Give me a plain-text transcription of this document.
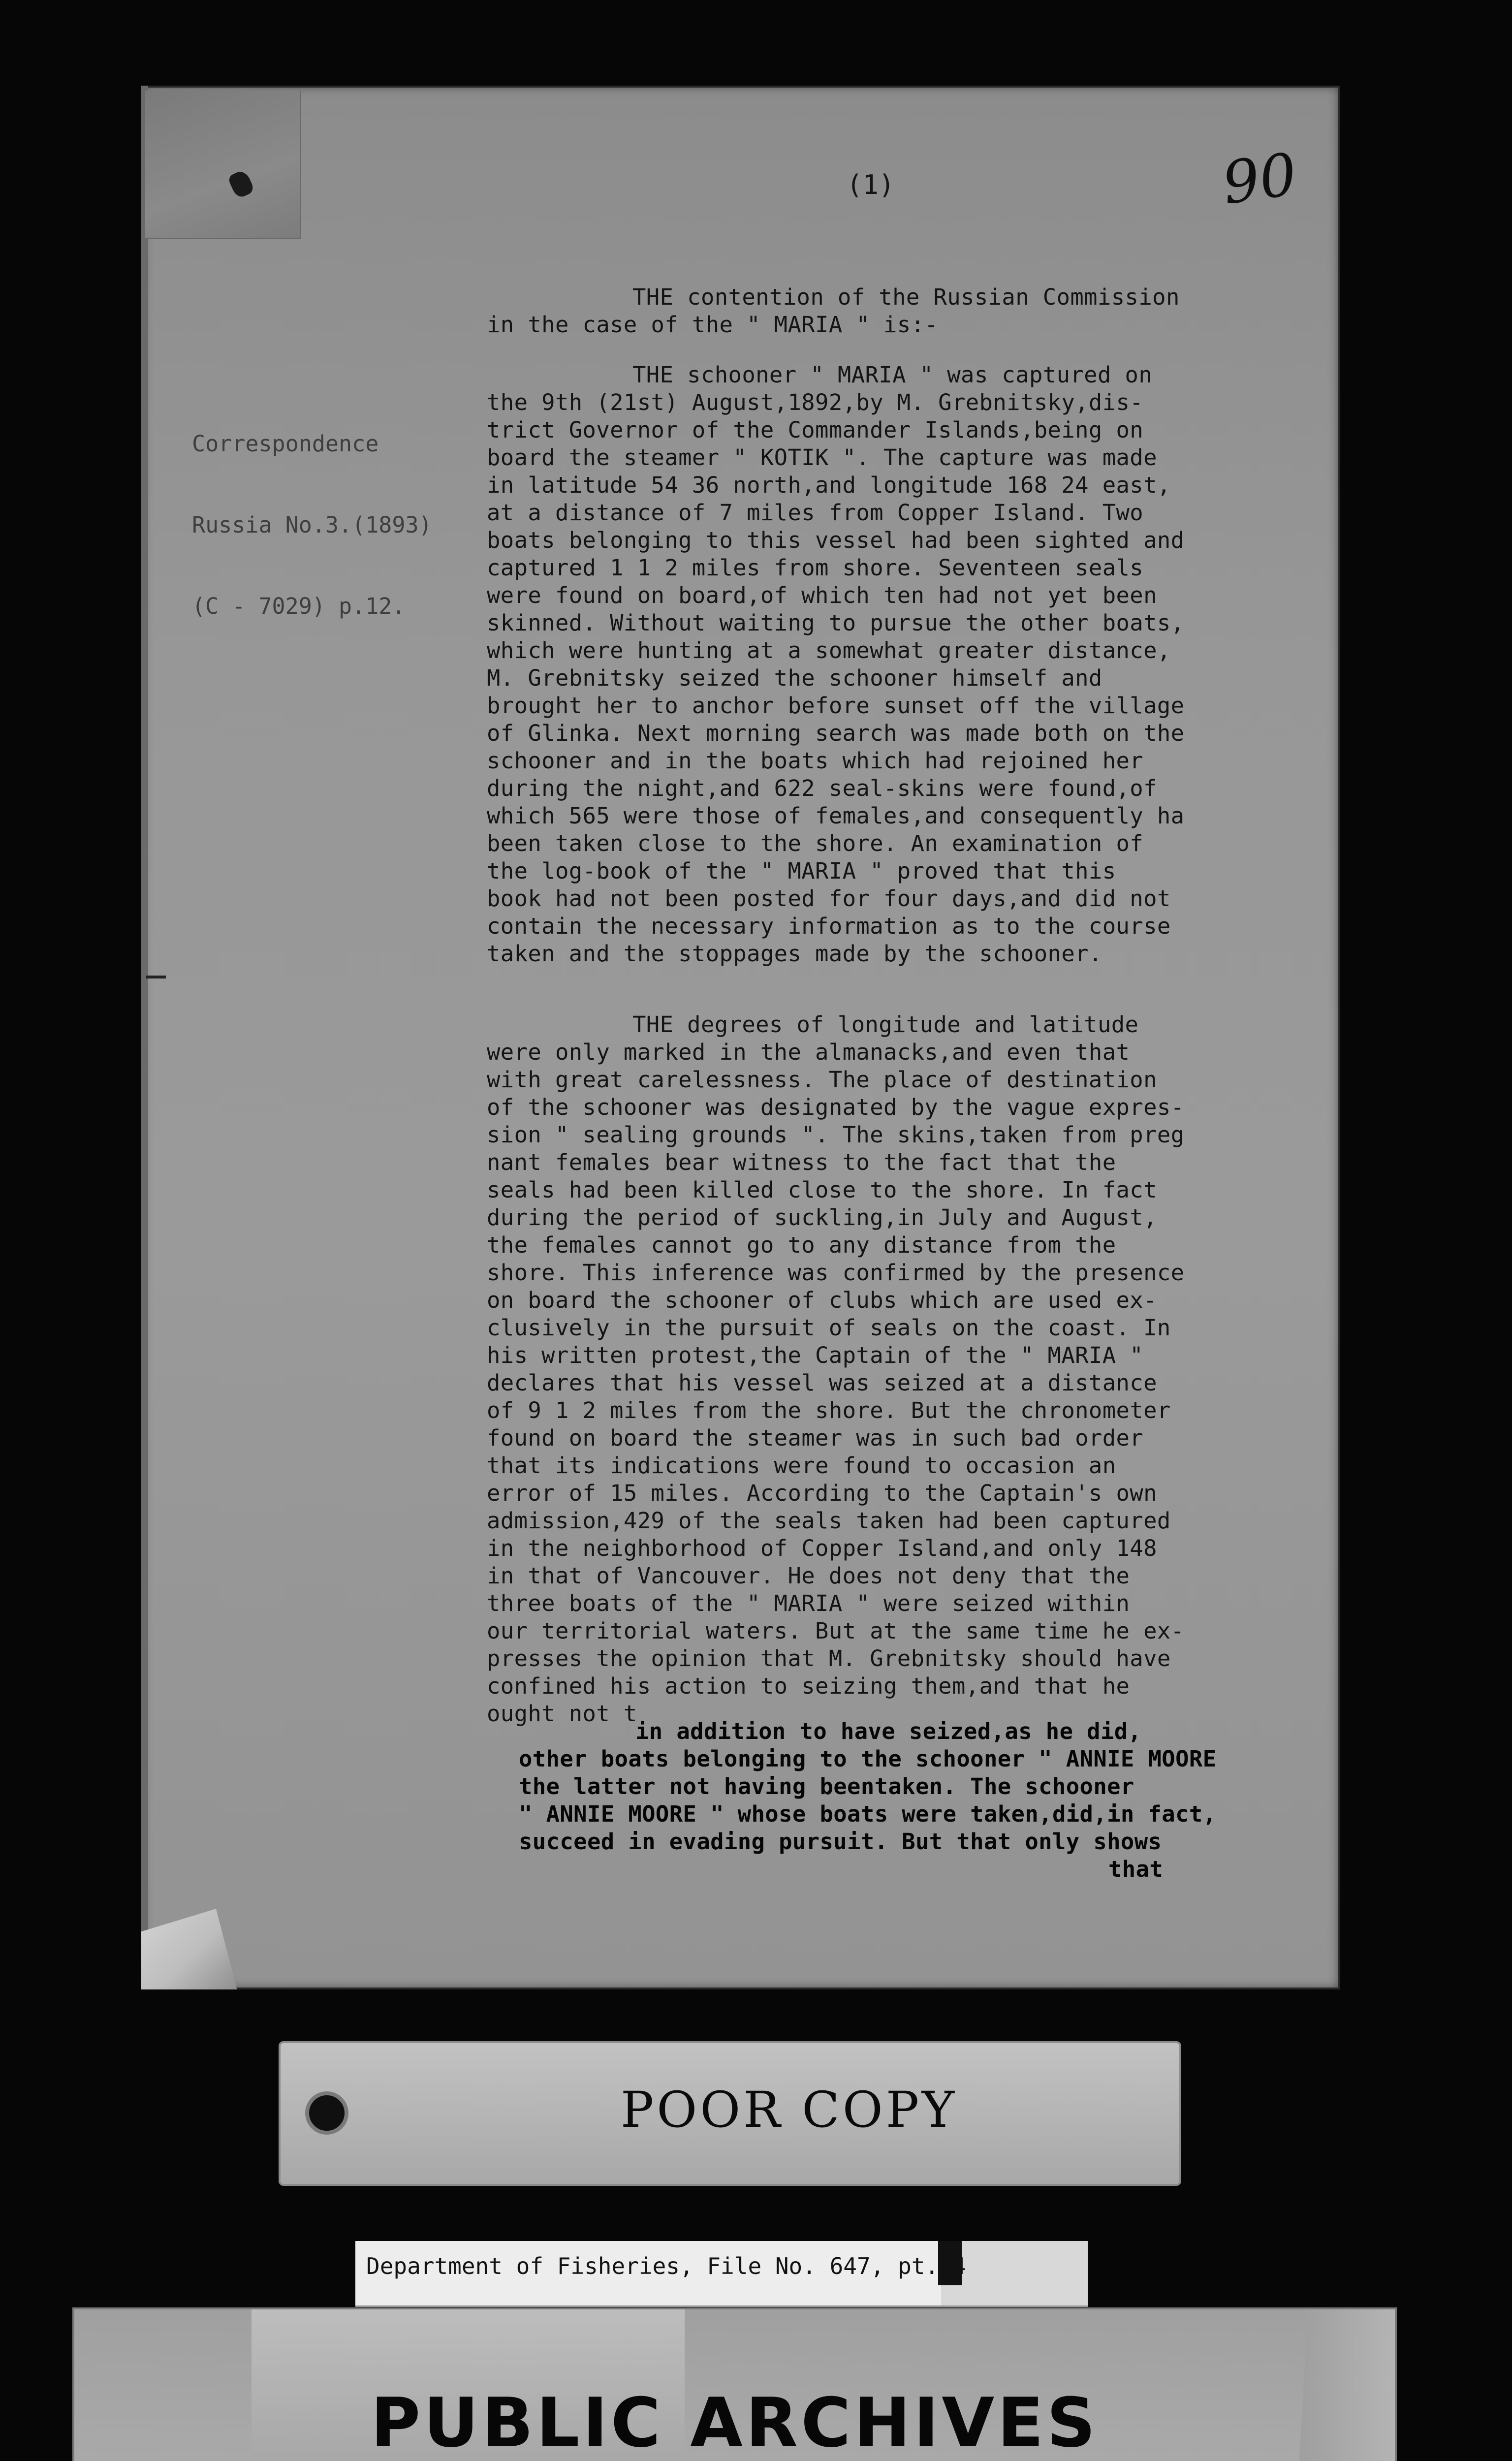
(1)	90

Correspondence

Russia No.3.(1893)

(C - 7029) p.12.

THE contention of the Russian Commission
in the case of the " MARIA " is:-
THE schooner " MARIA " was captured on
the 9th (21st) August,1892,by M. Grebnitsky,dis-
trict Governor of the Commander Islands,being on
board the steamer " KOTIK ". The capture was made
in latitude 54 36 north,and longitude 168 24 east,
at a distance of 7 miles from Copper Island. Two
boats belonging to this vessel had been sighted and
captured 1 1 2 miles from shore. Seventeen seals
were found on board,of which ten had not yet been
skinned. Without waiting to pursue the other boats,
which were hunting at a somewhat greater distance,
M. Grebnitsky seized the schooner himself and
brought her to anchor before sunset off the village
of Glinka. Next morning search was made both on the
schooner and in the boats which had rejoined her
during the night,and 622 seal-skins were found,of
which 565 were those of females,and consequently ha
been taken close to the shore. An examination of
the log-book of the " MARIA " proved that this
book had not been posted for four days,and did not
contain the necessary information as to the course
taken and the stoppages made by the schooner.
THE degrees of longitude and latitude
were only marked in the almanacks,and even that
with great carelessness. The place of destination
of the schooner was designated by the vague expres-
sion " sealing grounds ". The skins,taken from preg
nant females bear witness to the fact that the
seals had been killed close to the shore. In fact
during the period of suckling,in July and August,
the females cannot go to any distance from the
shore. This inference was confirmed by the presence
on board the schooner of clubs which are used ex-
clusively in the pursuit of seals on the coast. In
his written protest,the Captain of the " MARIA "
declares that his vessel was seized at a distance
of 9 1 2 miles from the shore. But the chronometer
found on board the steamer was in such bad order
that its indications were found to occasion an
error of 15 miles. According to the Captain's own
admission,429 of the seals taken had been captured
in the neighborhood of Copper Island,and only 148
in that of Vancouver. He does not deny that the
three boats of the " MARIA " were seized within
our territorial waters. But at the same time he ex-
presses the opinion that M. Grebnitsky should have
confined his action to seizing them,and that he
ought not t
in addition to have seized,as he did,
other boats belonging to the schooner " ANNIE MOORE
the latter not having beentaken. The schooner
" ANNIE MOORE " whose boats were taken,did,in fact,
succeed in evading pursuit. But that only shows
that
POOR COPY
Department of Fisheries, File No. 647, pt. 4
PUBLIC ARCHIVES
